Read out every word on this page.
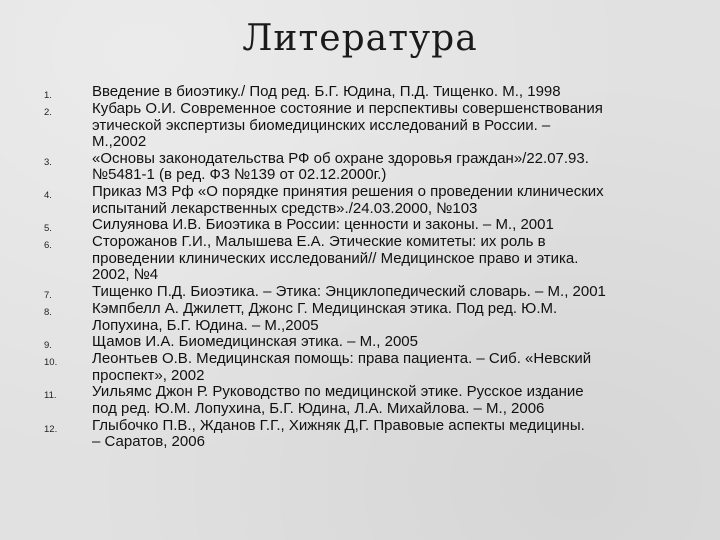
Литература
1.	Введение в биоэтику./ Под ред. Б.Г. Юдина, П.Д. Тищенко. М., 1998
2.	Кубарь О.И. Современное состояние и перспективы совершенствования
этической экспертизы биомедицинских исследований в России. –
М.,2002
3.	«Основы законодательства РФ об охране здоровья граждан»/22.07.93.
№5481-1 (в ред. ФЗ №139 от 02.12.2000г.)
4.	Приказ МЗ Рф «О порядке принятия решения о проведении клинических
испытаний лекарственных средств»./24.03.2000, №103
5.	Силуянова И.В. Биоэтика в России: ценности и законы. – М., 2001
6.	Сторожанов Г.И., Малышева Е.А. Этические комитеты: их роль в
проведении клинических исследований// Медицинское право и этика.
2002, №4
7.	Тищенко П.Д. Биоэтика. – Этика: Энциклопедический словарь. – М., 2001
8.	Кэмпбелл А. Джилетт, Джонс Г. Медицинская этика. Под ред. Ю.М.
Лопухина, Б.Г. Юдина. – М.,2005
9.	Щамов И.А. Биомедицинская этика. – М., 2005
10.	Леонтьев О.В. Медицинская помощь: права пациента. – Сиб. «Невский
проспект», 2002
11.	Уильямс Джон Р. Руководство по медицинской этике. Русское издание
под ред. Ю.М. Лопухина, Б.Г. Юдина, Л.А. Михайлова. – М., 2006
12.	Глыбочко П.В., Жданов Г.Г., Хижняк Д,Г. Правовые аспекты медицины.
– Саратов, 2006
